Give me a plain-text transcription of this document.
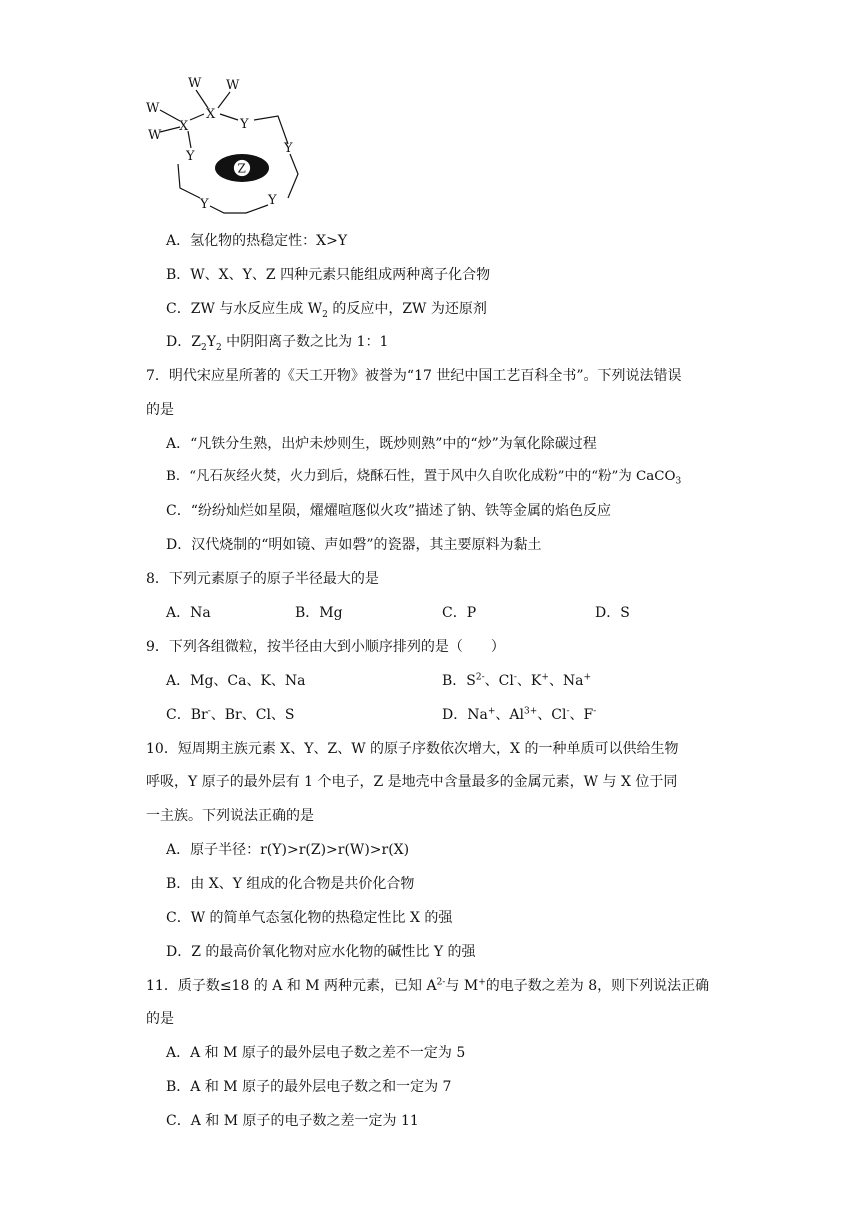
W W
W
W
X
X	Y
Y
Y
Y
Y
Z
A．氢化物的热稳定性：X>Y
B．W、X、Y、Z 四种元素只能组成两种离子化合物
C．ZW 与水反应生成 $W_2$ 的反应中，ZW 为还原剂
D．$Z_2Y_2$ 中阴阳离子数之比为 1：1
7．明代宋应星所著的《天工开物》被誉为“17 世纪中国工艺百科全书”。下列说法错误
的是
A．“凡铁分生熟，出炉未炒则生，既炒则熟”中的“炒”为氧化除碳过程
B．“凡石灰经火焚，火力到后，烧酥石性，置于风中久自吹化成粉”中的“粉”为 CaCO$_3$
C．“纷纷灿烂如星陨，燿燿喧豗似火攻”描述了钠、铁等金属的焰色反应
D．汉代烧制的“明如镜、声如磬”的瓷器，其主要原料为黏土
8．下列元素原子的原子半径最大的是
A．Na	B．Mg	C．P	D．S
9．下列各组微粒，按半径由大到小顺序排列的是（　　）
A．Mg、Ca、K、Na	B．$S^{2-}$、Cl-、K+、Na+
C．Br-、Br、Cl、S	D．Na+、$Al^{3+}$、Cl-、F-
10．短周期主族元素 X、Y、Z、W 的原子序数依次增大，X 的一种单质可以供给生物
呼吸，Y 原子的最外层有 1 个电子，Z 是地壳中含量最多的金属元素，W 与 X 位于同
一主族。下列说法正确的是
A．原子半径：r(Y)>r(Z)>r(W)>r(X)
B．由 X、Y 组成的化合物是共价化合物
C．W 的简单气态氢化物的热稳定性比 X 的强
D．Z 的最高价氧化物对应水化物的碱性比 Y 的强
11．质子数≤18 的 A 和 M 两种元素，已知 $A^{2-}$与 M+的电子数之差为 8，则下列说法正确
的是
A．A 和 M 原子的最外层电子数之差不一定为 5
B．A 和 M 原子的最外层电子数之和一定为 7
C．A 和 M 原子的电子数之差一定为 11
